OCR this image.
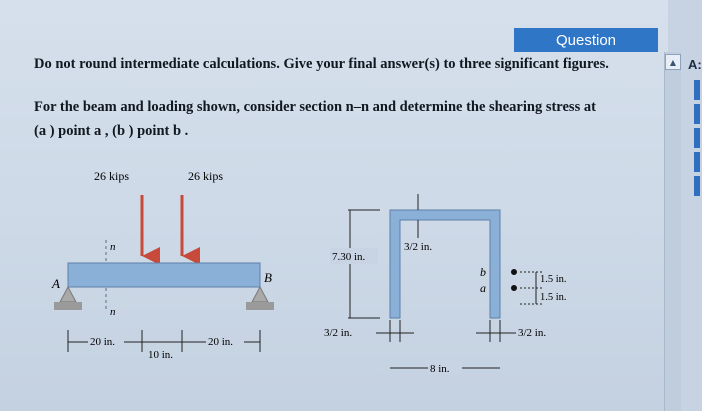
Question
Do not round intermediate calculations. Give your final answer(s) to three significant figures.
For the beam and loading shown, consider section n–n and determine the shearing stress at
(a ) point a , (b ) point b .
▲ A:
26 kips	26 kips
n
n
A	B
20 in.
10 in.
20 in.
7.30 in.
3/2 in.
b
a
1.5 in.
1.5 in.
3/2 in.	3/2 in.
8 in.
